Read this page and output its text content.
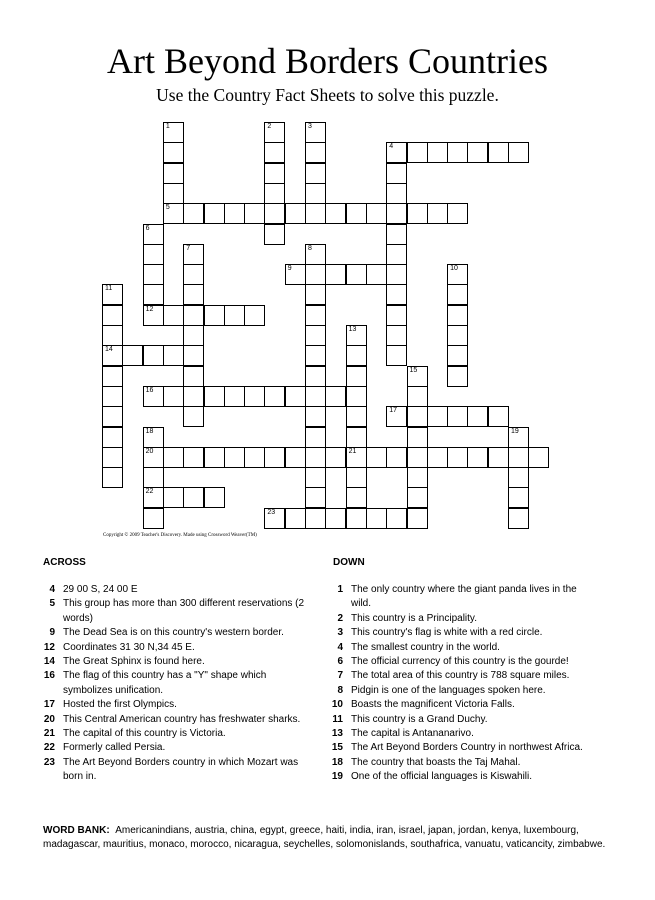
Art Beyond Borders Countries
Use the Country Fact Sheets to solve this puzzle.
1
5
2	3
4
6
12
7	8
9	10
11
14
13
21
15
16
17
18
20
22
19
23
Copyright © 2009 Teacher's Discovery. Made using Crossword Weaver(TM)
ACROSS	DOWN
4 29 00 S, 24 00 E
5 This group has more than 300 different reservations (2 words)
9 The Dead Sea is on this country's western border.
12 Coordinates 31 30 N,34 45 E.
14 The Great Sphinx is found here.
16 The flag of this country has a "Y" shape which symbolizes unification.
17 Hosted the first Olympics.
20 This Central American country has freshwater sharks.
21 The capital of this country is Victoria.
22 Formerly called Persia.
23 The Art Beyond Borders country in which Mozart was born in.
1 The only country where the giant panda lives in the wild.
2 This country is a Principality.
3 This country's flag is white with a red circle.
4 The smallest country in the world.
6 The official currency of this country is the gourde!
7 The total area of this country is 788 square miles.
8 Pidgin is one of the languages spoken here.
10 Boasts the magnificent Victoria Falls.
11 This country is a Grand Duchy.
13 The capital is Antananarivo.
15 The Art Beyond Borders Country in northwest Africa.
18 The country that boasts the Taj Mahal.
19 One of the official languages is Kiswahili.
WORD BANK: Americanindians, austria, china, egypt, greece, haiti, india, iran, israel, japan, jordan, kenya, luxembourg, madagascar, mauritius, monaco, morocco, nicaragua, seychelles, solomonislands, southafrica, vanuatu, vaticancity, zimbabwe.
